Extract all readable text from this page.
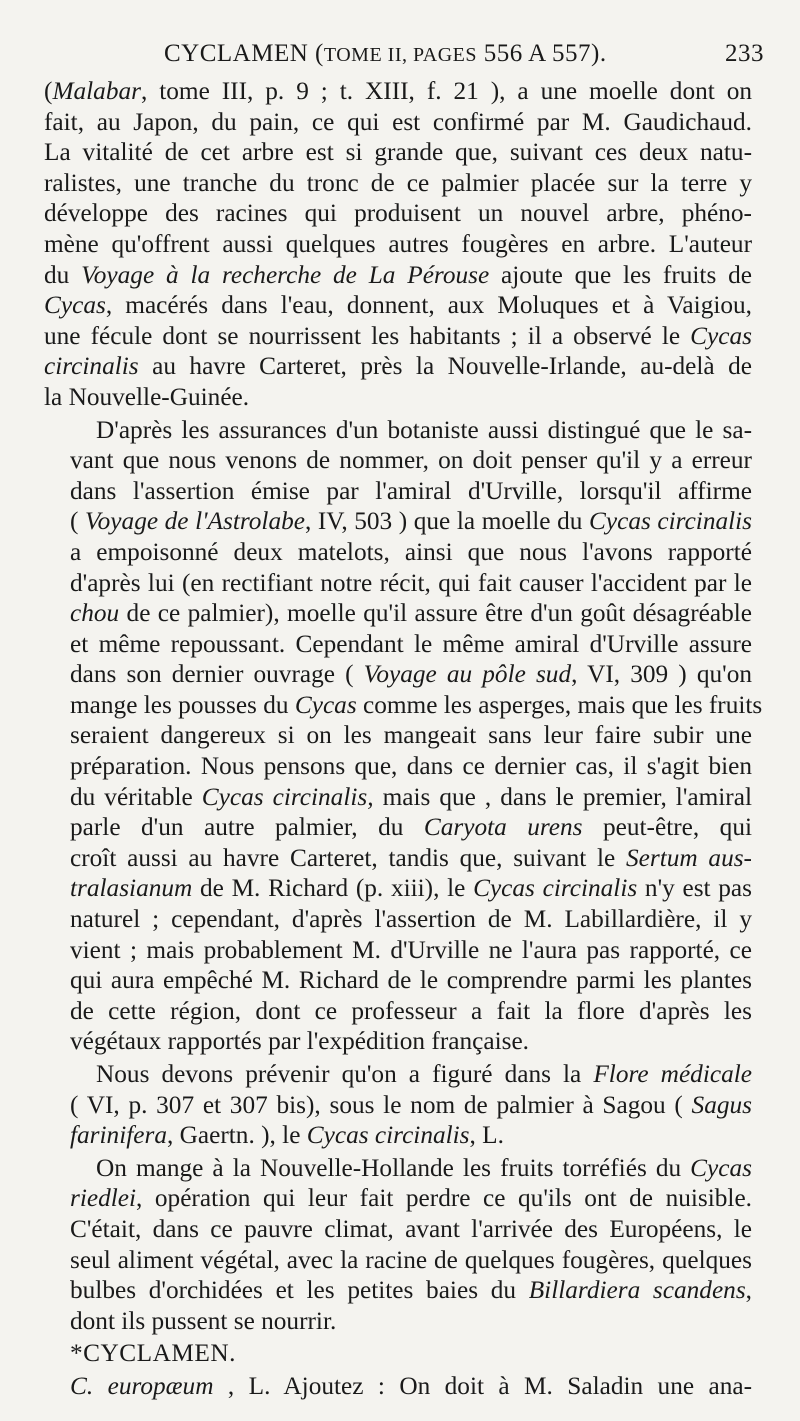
CYCLAMEN (TOME II, PAGES 556 A 557).	233

(Malabar, tome III, p. 9 ; t. XIII, f. 21 ), a une moelle dont on
fait, au Japon, du pain, ce qui est confirmé par M. Gaudichaud.
La vitalité de cet arbre est si grande que, suivant ces deux natu-
ralistes, une tranche du tronc de ce palmier placée sur la terre y
développe des racines qui produisent un nouvel arbre, phéno-
mène qu'offrent aussi quelques autres fougères en arbre. L'auteur
du Voyage à la recherche de La Pérouse ajoute que les fruits de
Cycas, macérés dans l'eau, donnent, aux Moluques et à Vaigiou,
une fécule dont se nourrissent les habitants ; il a observé le Cycas
circinalis au havre Carteret, près la Nouvelle-Irlande, au-delà de
la Nouvelle-Guinée.

D'après les assurances d'un botaniste aussi distingué que le sa-
vant que nous venons de nommer, on doit penser qu'il y a erreur
dans l'assertion émise par l'amiral d'Urville, lorsqu'il affirme
( Voyage de l'Astrolabe, IV, 503 ) que la moelle du Cycas circinalis
a empoisonné deux matelots, ainsi que nous l'avons rapporté
d'après lui (en rectifiant notre récit, qui fait causer l'accident par le
chou de ce palmier), moelle qu'il assure être d'un goût désagréable
et même repoussant. Cependant le même amiral d'Urville assure
dans son dernier ouvrage ( Voyage au pôle sud, VI, 309 ) qu'on
mange les pousses du Cycas comme les asperges, mais que les fruits
seraient dangereux si on les mangeait sans leur faire subir une
préparation. Nous pensons que, dans ce dernier cas, il s'agit bien
du véritable Cycas circinalis, mais que , dans le premier, l'amiral
parle d'un autre palmier, du Caryota urens peut-être, qui
croît aussi au havre Carteret, tandis que, suivant le Sertum aus-
tralasianum de M. Richard (p. xiii), le Cycas circinalis n'y est pas
naturel ; cependant, d'après l'assertion de M. Labillardière, il y
vient ; mais probablement M. d'Urville ne l'aura pas rapporté, ce
qui aura empêché M. Richard de le comprendre parmi les plantes
de cette région, dont ce professeur a fait la flore d'après les
végétaux rapportés par l'expédition française.

Nous devons prévenir qu'on a figuré dans la Flore médicale
( VI, p. 307 et 307 bis), sous le nom de palmier à Sagou ( Sagus
farinifera, Gaertn. ), le Cycas circinalis, L.

On mange à la Nouvelle-Hollande les fruits torréfiés du Cycas
riedlei, opération qui leur fait perdre ce qu'ils ont de nuisible.
C'était, dans ce pauvre climat, avant l'arrivée des Européens, le
seul aliment végétal, avec la racine de quelques fougères, quelques
bulbes d'orchidées et les petites baies du Billardiera scandens,
dont ils pussent se nourrir.

*CYCLAMEN.

C. europæum , L. Ajoutez : On doit à M. Saladin une ana-
